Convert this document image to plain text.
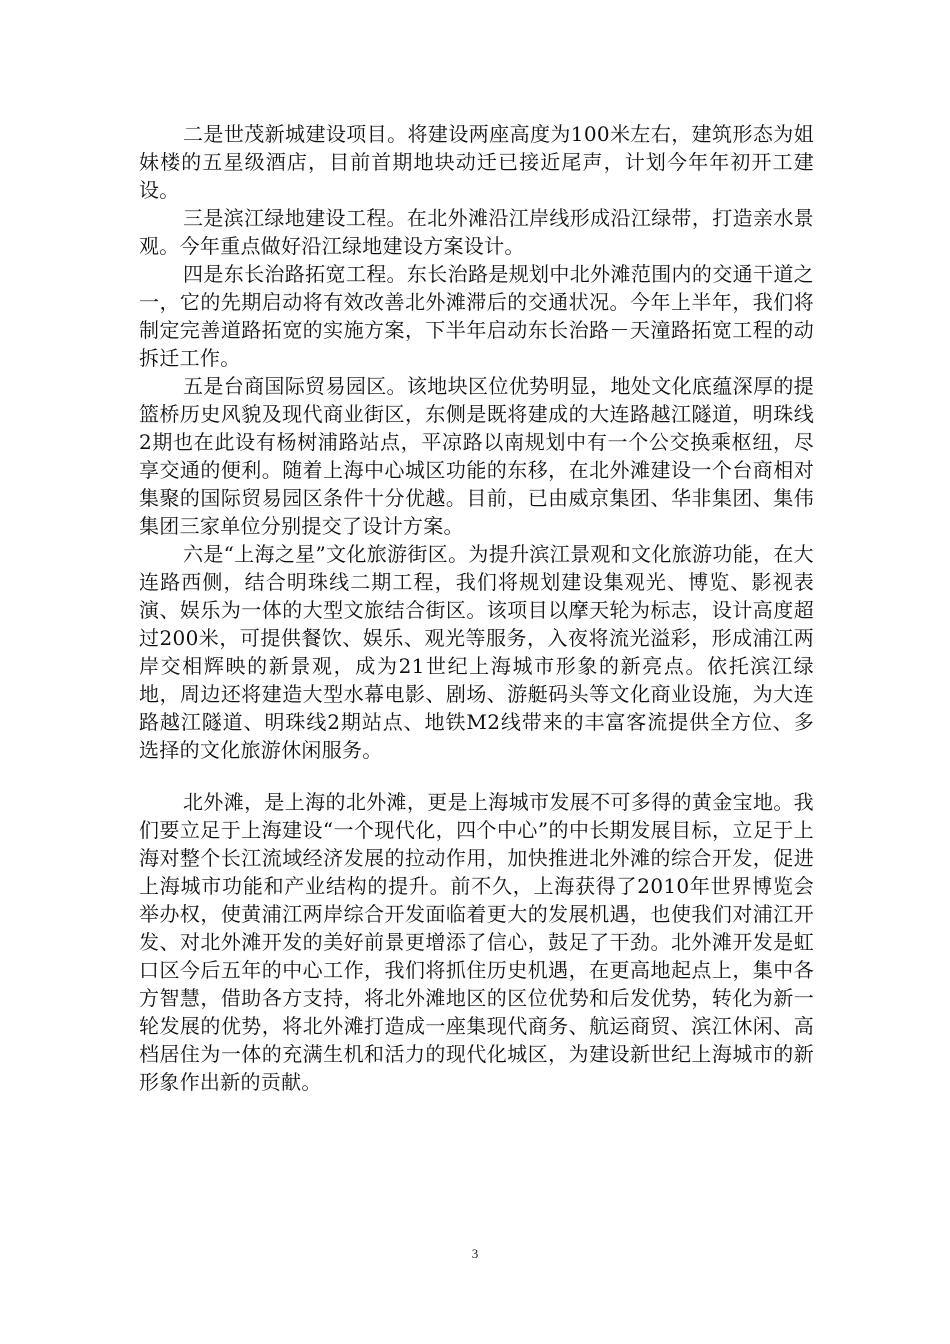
二是世茂新城建设项目。将建设两座高度为100米左右，建筑形态为姐妹楼的五星级酒店，目前首期地块动迁已接近尾声，计划今年年初开工建设。

三是滨江绿地建设工程。在北外滩沿江岸线形成沿江绿带，打造亲水景观。今年重点做好沿江绿地建设方案设计。

四是东长治路拓宽工程。东长治路是规划中北外滩范围内的交通干道之一，它的先期启动将有效改善北外滩滞后的交通状况。今年上半年，我们将制定完善道路拓宽的实施方案，下半年启动东长治路－天潼路拓宽工程的动拆迁工作。

五是台商国际贸易园区。该地块区位优势明显，地处文化底蕴深厚的提篮桥历史风貌及现代商业街区，东侧是既将建成的大连路越江隧道，明珠线2期也在此设有杨树浦路站点，平凉路以南规划中有一个公交换乘枢纽，尽享交通的便利。随着上海中心城区功能的东移，在北外滩建设一个台商相对集聚的国际贸易园区条件十分优越。目前，已由威京集团、华非集团、集伟集团三家单位分别提交了设计方案。

六是“上海之星”文化旅游街区。为提升滨江景观和文化旅游功能，在大连路西侧，结合明珠线二期工程，我们将规划建设集观光、博览、影视表演、娱乐为一体的大型文旅结合街区。该项目以摩天轮为标志，设计高度超过200米，可提供餐饮、娱乐、观光等服务，入夜将流光溢彩，形成浦江两岸交相辉映的新景观，成为21世纪上海城市形象的新亮点。依托滨江绿地，周边还将建造大型水幕电影、剧场、游艇码头等文化商业设施，为大连路越江隧道、明珠线2期站点、地铁M2线带来的丰富客流提供全方位、多选择的文化旅游休闲服务。

北外滩，是上海的北外滩，更是上海城市发展不可多得的黄金宝地。我们要立足于上海建设“一个现代化，四个中心”的中长期发展目标，立足于上海对整个长江流域经济发展的拉动作用，加快推进北外滩的综合开发，促进上海城市功能和产业结构的提升。前不久，上海获得了2010年世界博览会举办权，使黄浦江两岸综合开发面临着更大的发展机遇，也使我们对浦江开发、对北外滩开发的美好前景更增添了信心，鼓足了干劲。北外滩开发是虹口区今后五年的中心工作，我们将抓住历史机遇，在更高地起点上，集中各方智慧，借助各方支持，将北外滩地区的区位优势和后发优势，转化为新一轮发展的优势，将北外滩打造成一座集现代商务、航运商贸、滨江休闲、高档居住为一体的充满生机和活力的现代化城区，为建设新世纪上海城市的新形象作出新的贡献。

3
